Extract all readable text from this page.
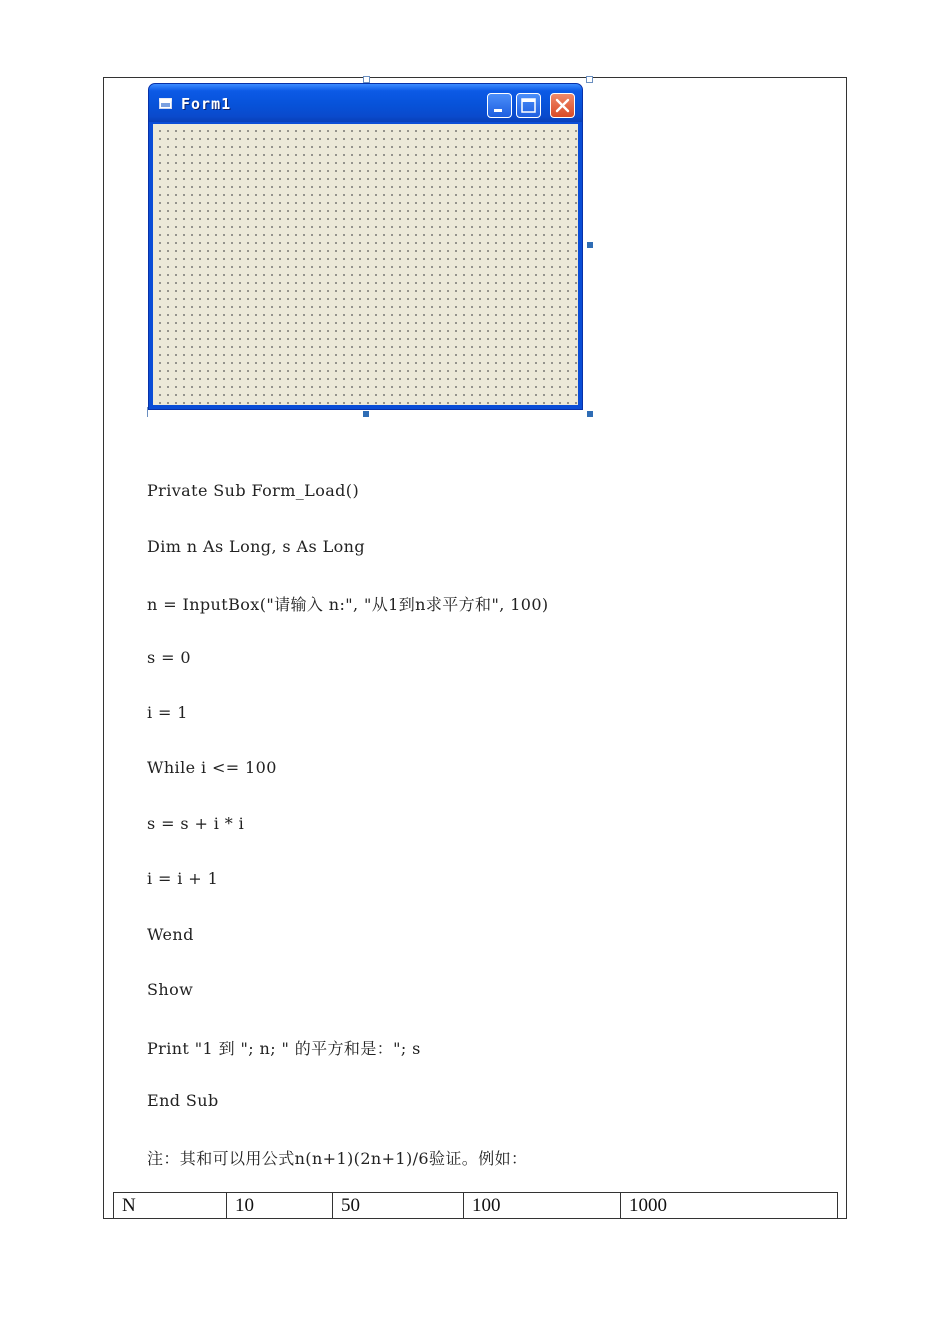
Form1
Private Sub Form_Load()
Dim n As Long, s As Long
n = InputBox("请输入 n:", "从1到n求平方和", 100)
s = 0
i = 1
While i <= 100
s = s + i * i
i = i + 1
Wend
Show
Print "1 到 "; n; " 的平方和是："; s
End Sub
注：其和可以用公式n(n+1)(2n+1)/6验证。例如：
N	10	50	100	1000
